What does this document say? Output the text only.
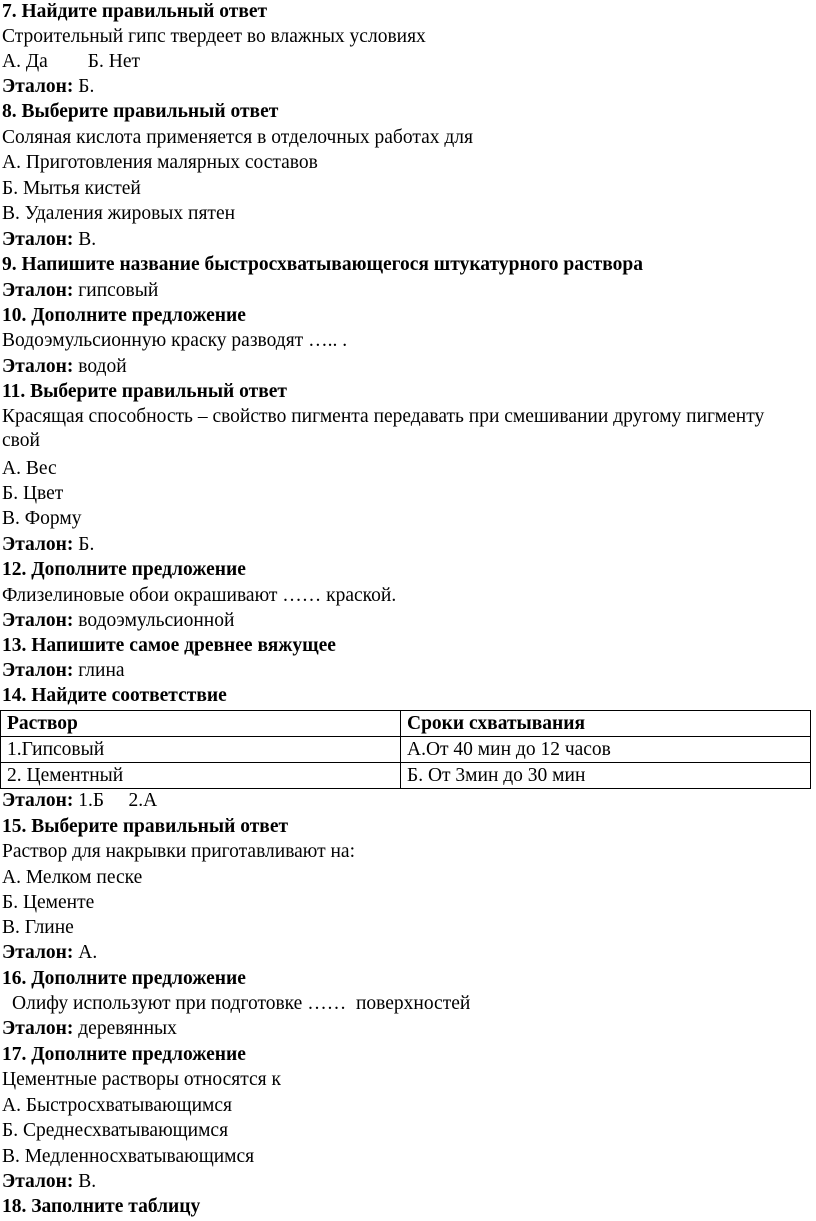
7. Найдите правильный ответ
Строительный гипс твердеет во влажных условиях
А. Да Б. Нет
Эталон: Б.
8. Выберите правильный ответ
Соляная кислота применяется в отделочных работах для
А. Приготовления малярных составов
Б. Мытья кистей
В. Удаления жировых пятен
Эталон: В.
9. Напишите название быстросхватывающегося штукатурного раствора
Эталон: гипсовый
10. Дополните предложение
Водоэмульсионную краску разводят ….. .
Эталон: водой
11. Выберите правильный ответ
Красящая способность – свойство пигмента передавать при смешивании другому пигменту свой
А. Вес
Б. Цвет
В. Форму
Эталон: Б.
12. Дополните предложение
Флизелиновые обои окрашивают …… краской.
Эталон: водоэмульсионной
13. Напишите самое древнее вяжущее
Эталон: глина
14. Найдите соответствие
Раствор	Сроки схватывания
1.Гипсовый	А.От 40 мин до 12 часов
2. Цементный	Б. От 3мин до 30 мин
Эталон: 1.Б     2.А
15. Выберите правильный ответ
Раствор для накрывки приготавливают на:
А. Мелком песке
Б. Цементе
В. Глине
Эталон: А.
16. Дополните предложение
Олифу используют при подготовке ……  поверхностей
Эталон: деревянных
17. Дополните предложение
Цементные растворы относятся к
А. Быстросхватывающимся
Б. Среднесхватывающимся
В. Медленносхватывающимся
Эталон: В.
18. Заполните таблицу
